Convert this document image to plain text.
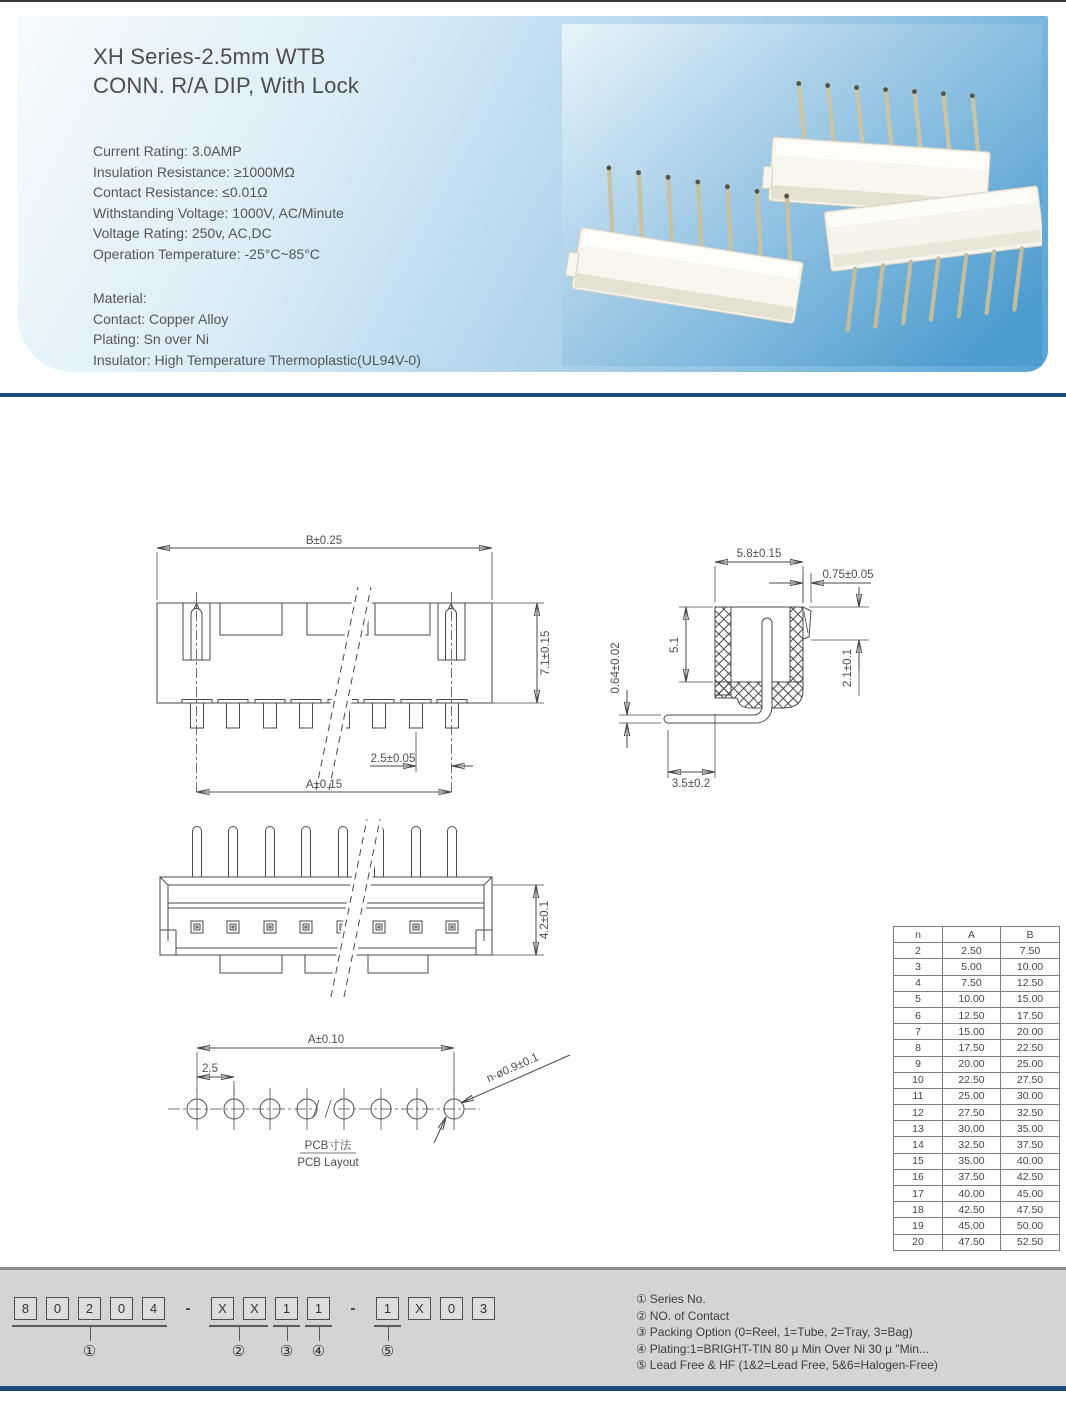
XH Series-2.5mm WTB
CONN. R/A DIP, With Lock
Current Rating: 3.0AMP
Insulation Resistance: ≥1000MΩ
Contact Resistance: ≤0.01Ω
Withstanding Voltage: 1000V, AC/Minute
Voltage Rating: 250v, AC,DC
Operation Temperature: -25°C~85°C
Material:
Contact: Copper Alloy
Plating: Sn over Ni
Insulator: High Temperature Thermoplastic(UL94V-0)
B±0.25
7.1±0.15
2.5±0.05
A±0.15
5.8±0.15
0.75±0.05
2.1±0.1
5.1
0.64±0.02
3.5±0.2
4.2±0.1
A±0.10
2.5	n-ø0.9±0.1
PCB寸法
PCB Layout
n	A	B
2	2.50	7.50
3	5.00	10.00
4	7.50	12.50
5	10.00	15.00
6	12.50	17.50
7	15.00	20.00
8	17.50	22.50
9	20.00	25.00
10	22.50	27.50
11	25.00	30.00
12	27.50	32.50
13	30.00	35.00
14	32.50	37.50
15	35.00	40.00
16	37.50	42.50
17	40.00	45.00
18	42.50	47.50
19	45.00	50.00
20	47.50	52.50
8	0	2	0	4
①
-	X	X
②
1
③
1
④
-	1
⑤
X	0	3
① Series No.
② NO. of Contact
③ Packing Option (0=Reel, 1=Tube, 2=Tray, 3=Bag)
④ Plating:1=BRIGHT-TIN 80 μ Min Over Ni 30 μ "Min...
⑤ Lead Free & HF (1&2=Lead Free, 5&6=Halogen-Free)
